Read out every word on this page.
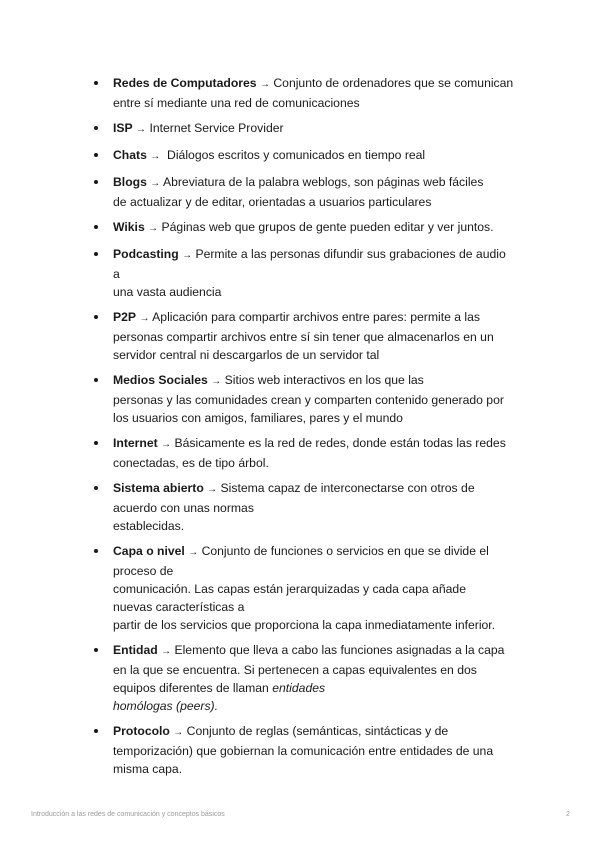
Redes de Computadores → Conjunto de ordenadores que se comunican
entre sí mediante una red de comunicaciones
ISP → Internet Service Provider
Chats → Diálogos escritos y comunicados en tiempo real
Blogs → Abreviatura de la palabra weblogs, son páginas web fáciles
de actualizar y de editar, orientadas a usuarios particulares
Wikis → Páginas web que grupos de gente pueden editar y ver juntos.
Podcasting → Permite a las personas difundir sus grabaciones de audio
a
una vasta audiencia
P2P → Aplicación para compartir archivos entre pares: permite a las
personas compartir archivos entre sí sin tener que almacenarlos en un
servidor central ni descargarlos de un servidor tal
Medios Sociales → Sitios web interactivos en los que las
personas y las comunidades crean y comparten contenido generado por
los usuarios con amigos, familiares, pares y el mundo
Internet → Básicamente es la red de redes, donde están todas las redes
conectadas, es de tipo árbol.
Sistema abierto → Sistema capaz de interconectarse con otros de
acuerdo con unas normas
establecidas.
Capa o nivel → Conjunto de funciones o servicios en que se divide el
proceso de
comunicación. Las capas están jerarquizadas y cada capa añade
nuevas características a
partir de los servicios que proporciona la capa inmediatamente inferior.
Entidad → Elemento que lleva a cabo las funciones asignadas a la capa
en la que se encuentra. Si pertenecen a capas equivalentes en dos
equipos diferentes de llaman entidades
homólogas (peers).
Protocolo → Conjunto de reglas (semánticas, sintácticas y de
temporización) que gobiernan la comunicación entre entidades de una
misma capa.
Introducción a las redes de comunicación y conceptos básicos	2
